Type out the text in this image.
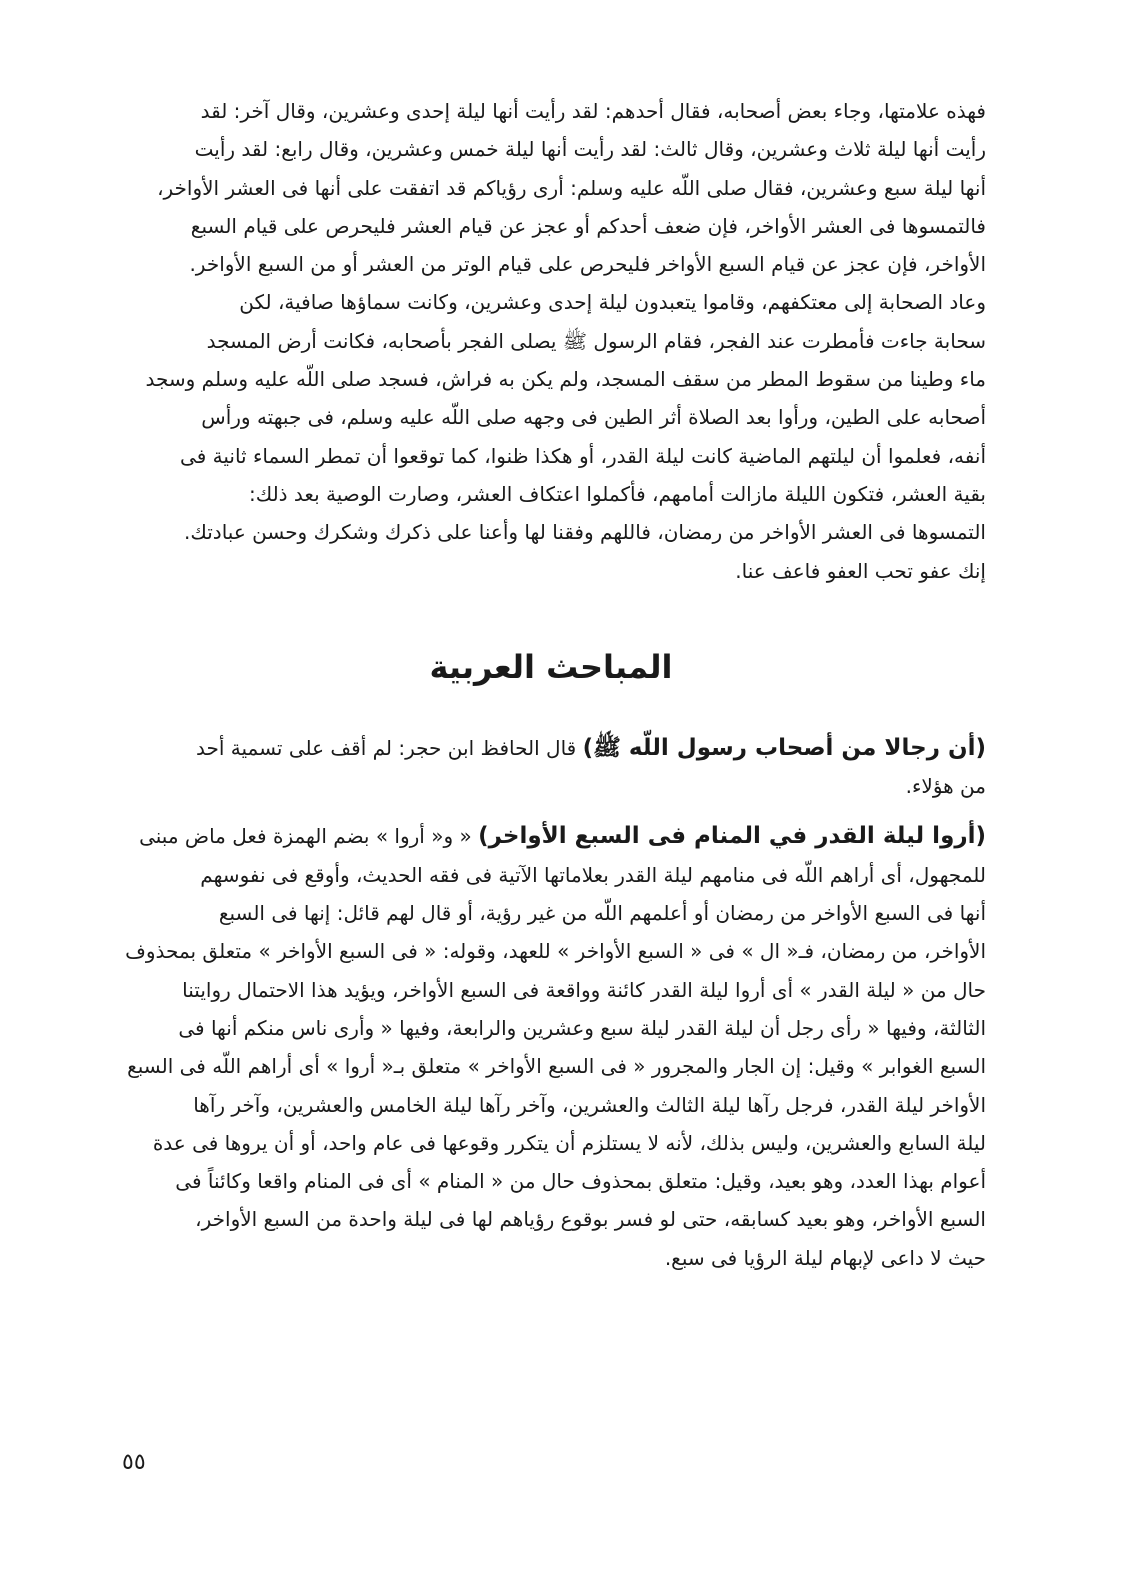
فهذه علامتها، وجاء بعض أصحابه، فقال أحدهم: لقد رأيت أنها ليلة إحدى وعشرين، وقال آخر: لقد
رأيت أنها ليلة ثلاث وعشرين، وقال ثالث: لقد رأيت أنها ليلة خمس وعشرين، وقال رابع: لقد رأيت
أنها ليلة سبع وعشرين، فقال صلى اللّه عليه وسلم: أرى رؤياكم قد اتفقت على أنها فى العشر الأواخر،
فالتمسوها فى العشر الأواخر، فإن ضعف أحدكم أو عجز عن قيام العشر فليحرص على قيام السبع
الأواخر، فإن عجز عن قيام السبع الأواخر فليحرص على قيام الوتر من العشر أو من السبع الأواخر.
وعاد الصحابة إلى معتكفهم، وقاموا يتعبدون ليلة إحدى وعشرين، وكانت سماؤها صافية، لكن
سحابة جاءت فأمطرت عند الفجر، فقام الرسول ﷺ يصلى الفجر بأصحابه، فكانت أرض المسجد
ماء وطينا من سقوط المطر من سقف المسجد، ولم يكن به فراش، فسجد صلى اللّه عليه وسلم وسجد
أصحابه على الطين، ورأوا بعد الصلاة أثر الطين فى وجهه صلى اللّه عليه وسلم، فى جبهته ورأس
أنفه، فعلموا أن ليلتهم الماضية كانت ليلة القدر، أو هكذا ظنوا، كما توقعوا أن تمطر السماء ثانية فى
بقية العشر، فتكون الليلة مازالت أمامهم، فأكملوا اعتكاف العشر، وصارت الوصية بعد ذلك:
التمسوها فى العشر الأواخر من رمضان، فاللهم وفقنا لها وأعنا على ذكرك وشكرك وحسن عبادتك.
إنك عفو تحب العفو فاعف عنا.
المباحث العربية
(أن رجالا من أصحاب رسول اللّه ﷺ) قال الحافظ ابن حجر: لم أقف على تسمية أحد
من هؤلاء.
(أروا ليلة القدر في المنام فى السبع الأواخر) « و« أروا » بضم الهمزة فعل ماض مبنى
للمجهول، أى أراهم اللّه فى منامهم ليلة القدر بعلاماتها الآتية فى فقه الحديث، وأوقع فى نفوسهم
أنها فى السبع الأواخر من رمضان أو أعلمهم اللّه من غير رؤية، أو قال لهم قائل: إنها فى السبع
الأواخر، من رمضان، فـ« ال » فى « السبع الأواخر » للعهد، وقوله: « فى السبع الأواخر » متعلق بمحذوف
حال من « ليلة القدر » أى أروا ليلة القدر كائنة وواقعة فى السبع الأواخر، ويؤيد هذا الاحتمال روايتنا
الثالثة، وفيها « رأى رجل أن ليلة القدر ليلة سبع وعشرين والرابعة، وفيها « وأرى ناس منكم أنها فى
السبع الغوابر » وقيل: إن الجار والمجرور « فى السبع الأواخر » متعلق بـ« أروا » أى أراهم اللّه فى السبع
الأواخر ليلة القدر، فرجل رآها ليلة الثالث والعشرين، وآخر رآها ليلة الخامس والعشرين، وآخر رآها
ليلة السابع والعشرين، وليس بذلك، لأنه لا يستلزم أن يتكرر وقوعها فى عام واحد، أو أن يروها فى عدة
أعوام بهذا العدد، وهو بعيد، وقيل: متعلق بمحذوف حال من « المنام » أى فى المنام واقعا وكائناً فى
السبع الأواخر، وهو بعيد كسابقه، حتى لو فسر بوقوع رؤياهم لها فى ليلة واحدة من السبع الأواخر،
حيث لا داعى لإبهام ليلة الرؤيا فى سبع.
٥٥
